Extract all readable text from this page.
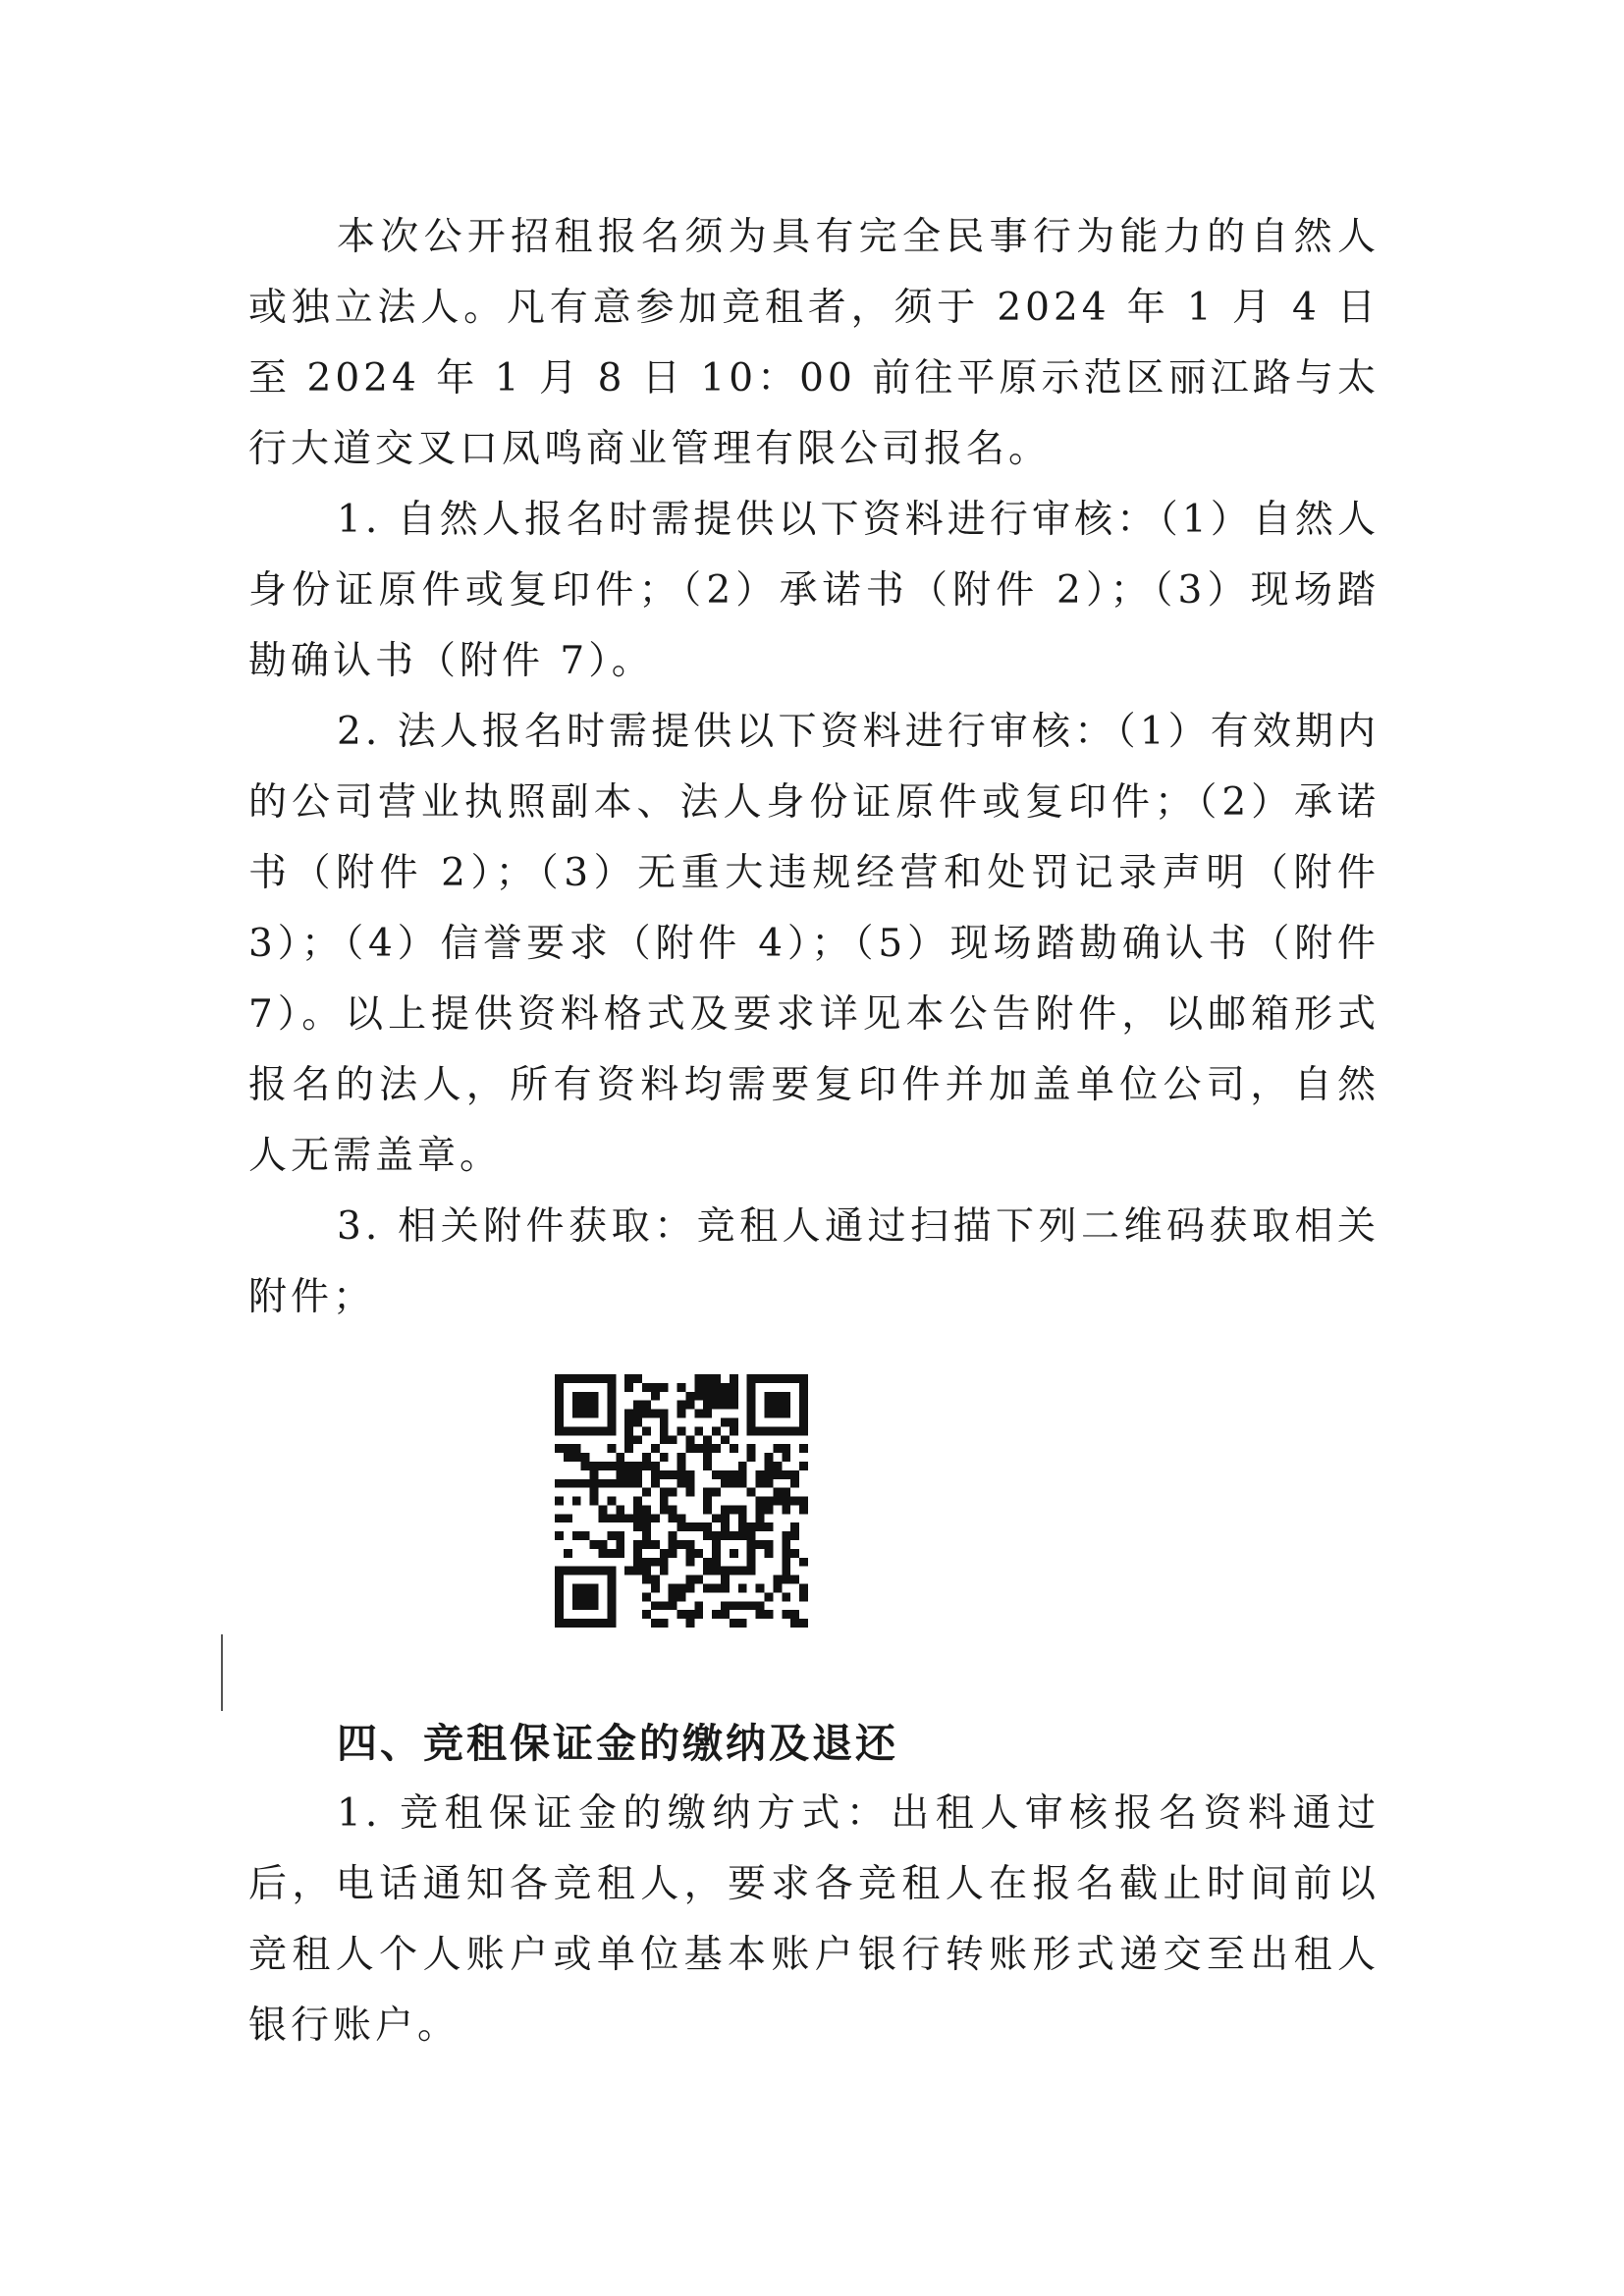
本次公开招租报名须为具有完全民事行为能力的自然人或独立法人。凡有意参加竞租者，须于 2024 年 1 月 4 日至 2024 年 1 月 8 日 10：00 前往平原示范区丽江路与太行大道交叉口凤鸣商业管理有限公司报名。

1. 自然人报名时需提供以下资料进行审核：（1）自然人身份证原件或复印件；（2）承诺书（附件 2）；（3）现场踏勘确认书（附件 7）。

2. 法人报名时需提供以下资料进行审核：（1）有效期内的公司营业执照副本、法人身份证原件或复印件；（2）承诺书（附件 2）；（3）无重大违规经营和处罚记录声明（附件 3）；（4）信誉要求（附件 4）；（5）现场踏勘确认书（附件 7）。以上提供资料格式及要求详见本公告附件，以邮箱形式报名的法人，所有资料均需要复印件并加盖单位公司，自然人无需盖章。

3. 相关附件获取：竞租人通过扫描下列二维码获取相关附件；

四、竞租保证金的缴纳及退还

1. 竞租保证金的缴纳方式：出租人审核报名资料通过后，电话通知各竞租人，要求各竞租人在报名截止时间前以竞租人个人账户或单位基本账户银行转账形式递交至出租人银行账户。
